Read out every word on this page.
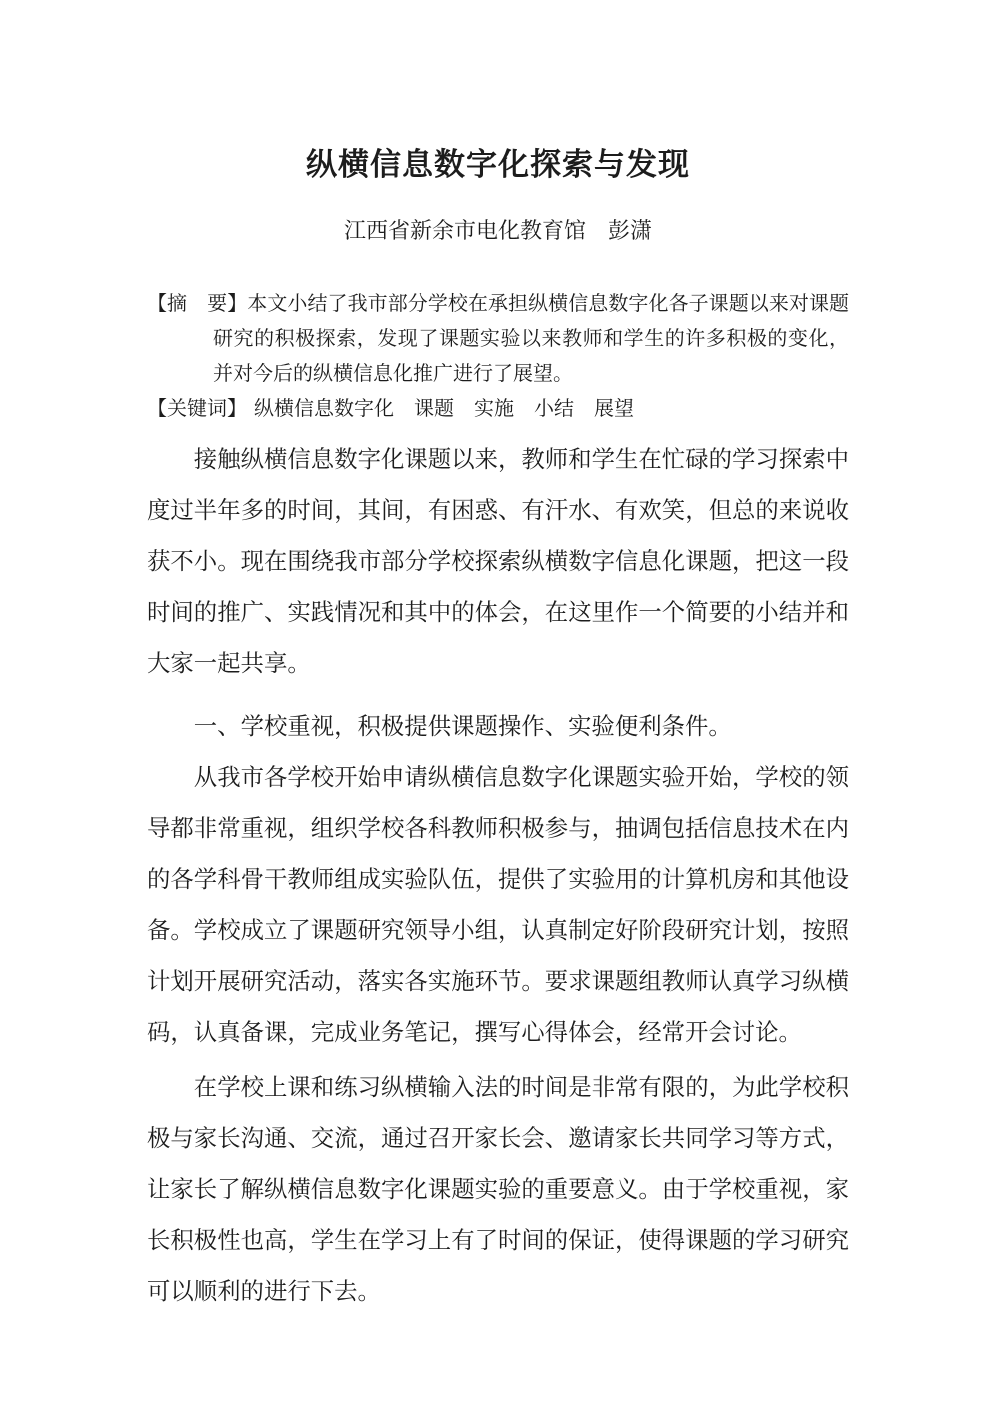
纵横信息数字化探索与发现
江西省新余市电化教育馆　彭潇

【摘　要】本文小结了我市部分学校在承担纵横信息数字化各子课题以来对课题研究的积极探索，发现了课题实验以来教师和学生的许多积极的变化，并对今后的纵横信息化推广进行了展望。

【关键词】 纵横信息数字化　课题　实施　小结　展望

接触纵横信息数字化课题以来，教师和学生在忙碌的学习探索中度过半年多的时间，其间，有困惑、有汗水、有欢笑，但总的来说收获不小。现在围绕我市部分学校探索纵横数字信息化课题，把这一段时间的推广、实践情况和其中的体会，在这里作一个简要的小结并和大家一起共享。

一、学校重视，积极提供课题操作、实验便利条件。

从我市各学校开始申请纵横信息数字化课题实验开始，学校的领导都非常重视，组织学校各科教师积极参与，抽调包括信息技术在内的各学科骨干教师组成实验队伍，提供了实验用的计算机房和其他设备。学校成立了课题研究领导小组，认真制定好阶段研究计划，按照计划开展研究活动，落实各实施环节。要求课题组教师认真学习纵横码，认真备课，完成业务笔记，撰写心得体会，经常开会讨论。

在学校上课和练习纵横输入法的时间是非常有限的，为此学校积极与家长沟通、交流，通过召开家长会、邀请家长共同学习等方式，让家长了解纵横信息数字化课题实验的重要意义。由于学校重视，家长积极性也高，学生在学习上有了时间的保证，使得课题的学习研究可以顺利的进行下去。
